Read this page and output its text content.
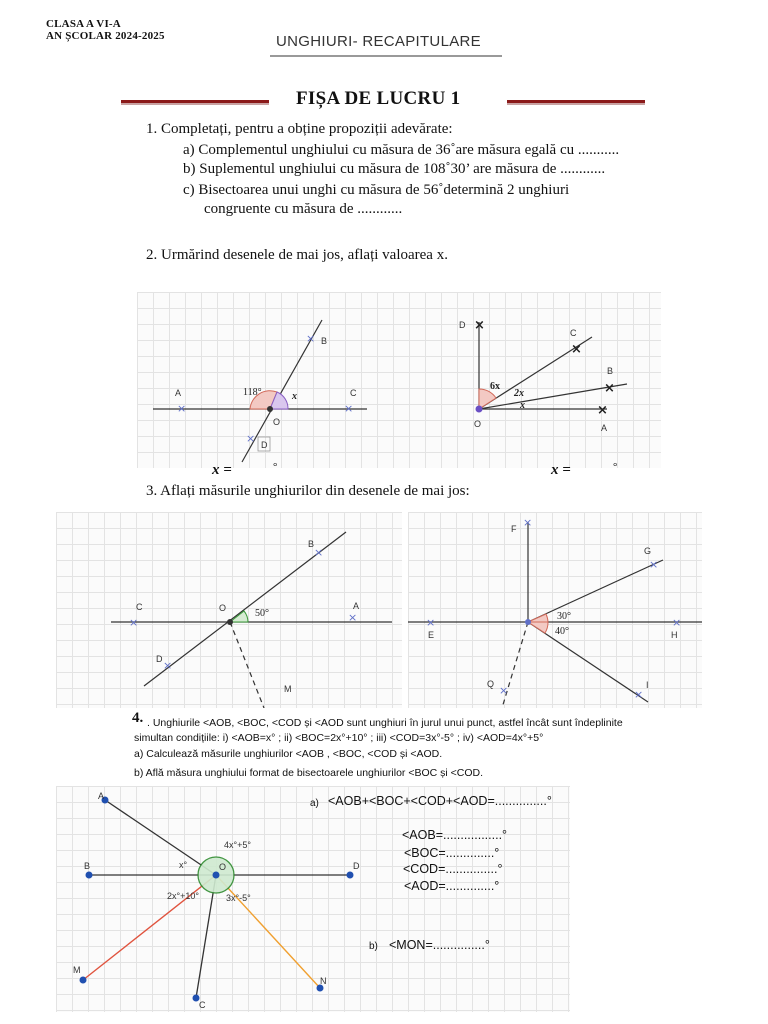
CLASA A VI-A
AN ȘCOLAR 2024-2025	UNGHIURI- RECAPITULARE
FIȘA DE LUCRU 1
1. Completați, pentru a obține propoziții adevărate:
a) Complementul unghiului cu măsura de 36˚are măsura egală cu ...........
b) Suplementul unghiului cu măsura de 108˚30’ are măsura de ............
c) Bisectoarea unui unghi cu măsura de 56˚determină 2 unghiuri
congruente cu măsura de ............
2. Urmărind desenele de mai jos, aflați valoarea x.
×	×
×
×
A	C
B
D
O
118°	x
×
×
×
×
D
C
B
A
O
6x
2x
x
x =	°	x =	°
3. Aflați măsurile unghiurilor din desenele de mai jos:
×	×
×
×
C	A
B
D
O
M
50°
×
×
×	×
×	×
F
G
E	H
Q	I
30°
40°
4. . Unghiurile <AOB, <BOC, <COD și <AOD sunt unghiuri în jurul unui punct, astfel încât sunt îndeplinite
simultan condițiile: i) <AOB=x° ; ii) <BOC=2x°+10° ; iii) <COD=3x°-5° ; iv) <AOD=4x°+5°
a) Calculează măsurile unghiurilor <AOB , <BOC, <COD și <AOD.
b) Află măsura unghiului format de bisectoarele unghiurilor <BOC și <COD.
A
B	D
O
M
C
N
x°
4x°+5°
2x°+10°	3x°-5°
a) <AOB+<BOC+<COD+<AOD=...............°
<AOB=.................°
<BOC=..............°
<COD=...............°
<AOD=..............°
b) <MON=...............°
